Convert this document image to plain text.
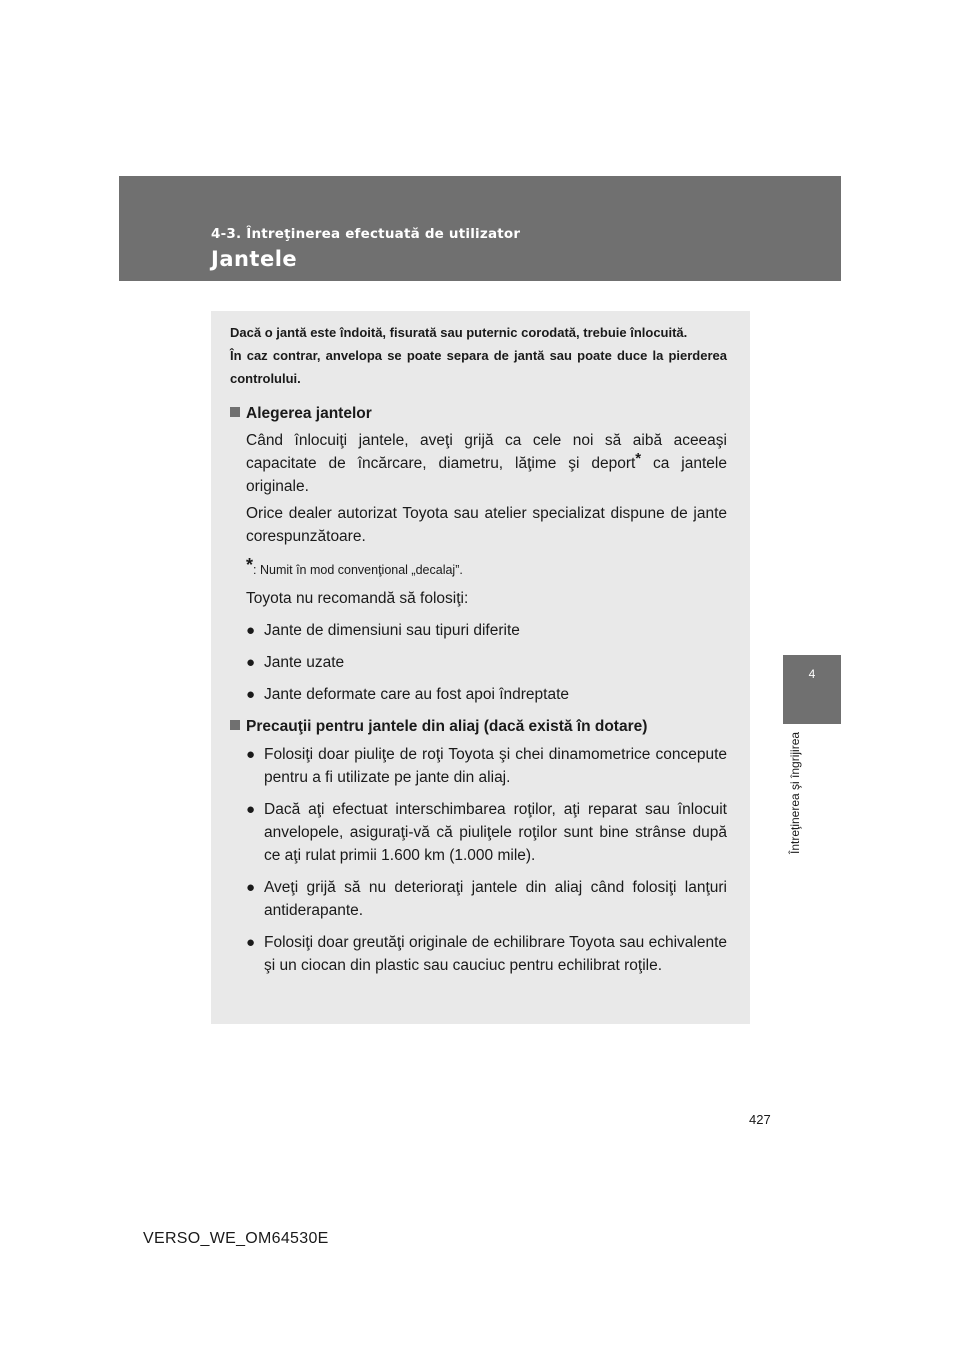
4-3. Întreţinerea efectuată de utilizator
Jantele
4
Întreţinerea şi îngrijirea

Dacă o jantă este îndoită, fisurată sau puternic corodată, trebuie înlocuită.
În caz contrar, anvelopa se poate separa de jantă sau poate duce la pierderea controlului.

Alegerea jantelor
Când înlocuiţi jantele, aveţi grijă ca cele noi să aibă aceeaşi capacitate de încărcare, diametru, lăţime şi deport* ca jantele originale.
Orice dealer autorizat Toyota sau atelier specializat dispune de jante corespunzătoare.
*: Numit în mod convenţional „decalaj”.
Toyota nu recomandă să folosiţi:
● Jante de dimensiuni sau tipuri diferite
● Jante uzate
● Jante deformate care au fost apoi îndreptate
Precauţii pentru jantele din aliaj (dacă există în dotare)
● Folosiţi doar piuliţe de roţi Toyota şi chei dinamometrice concepute pentru a fi utilizate pe jante din aliaj.
● Dacă aţi efectuat interschimbarea roţilor, aţi reparat sau înlocuit anvelopele, asiguraţi-vă că piuliţele roţilor sunt bine strânse după ce aţi rulat primii 1.600 km (1.000 mile).
● Aveţi grijă să nu deterioraţi jantele din aliaj când folosiţi lanţuri antiderapante.
● Folosiţi doar greutăţi originale de echilibrare Toyota sau echivalente şi un ciocan din plastic sau cauciuc pentru echilibrat roţile.
427
VERSO_WE_OM64530E
